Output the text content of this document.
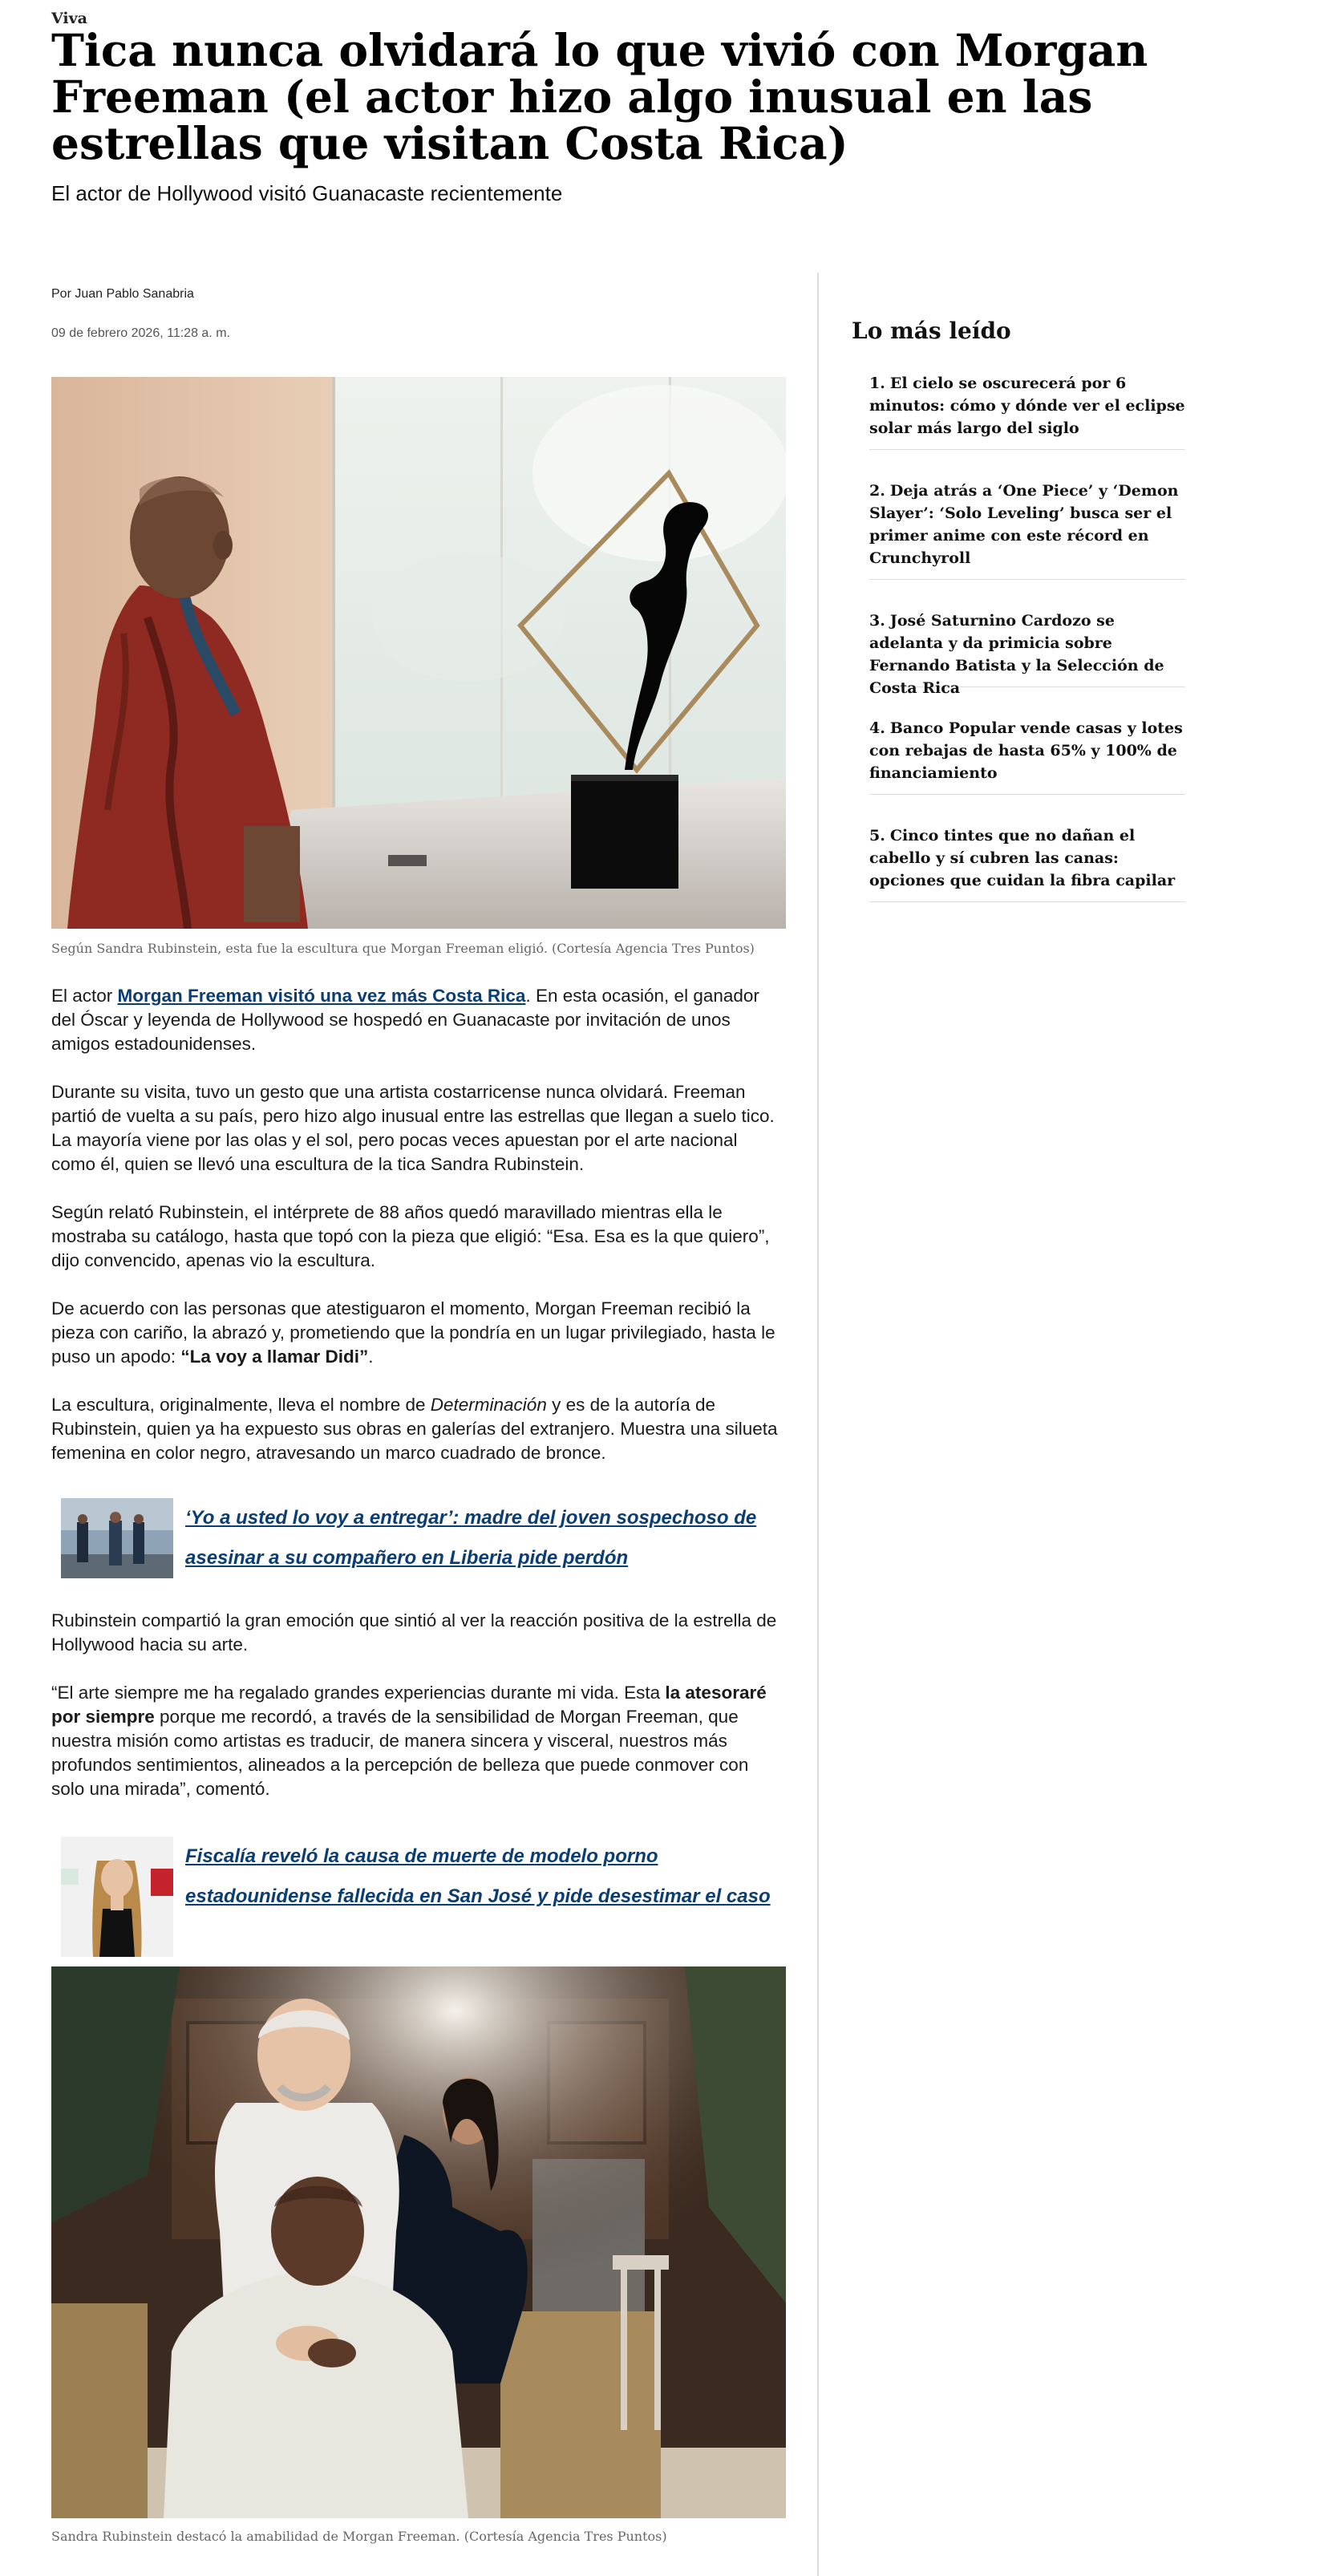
Viva
Tica nunca olvidará lo que vivió con Morgan Freeman (el actor hizo algo inusual en las estrellas que visitan Costa Rica)

El actor de Hollywood visitó Guanacaste recientemente

Por Juan Pablo Sanabria
09 de febrero 2026, 11:28 a. m.
Según Sandra Rubinstein, esta fue la escultura que Morgan Freeman eligió. (Cortesía Agencia Tres Puntos)

El actor Morgan Freeman visitó una vez más Costa Rica. En esta ocasión, el ganador del Óscar y leyenda de Hollywood se hospedó en Guanacaste por invitación de unos amigos estadounidenses.

Durante su visita, tuvo un gesto que una artista costarricense nunca olvidará. Freeman partió de vuelta a su país, pero hizo algo inusual entre las estrellas que llegan a suelo tico. La mayoría viene por las olas y el sol, pero pocas veces apuestan por el arte nacional como él, quien se llevó una escultura de la tica Sandra Rubinstein.

Según relató Rubinstein, el intérprete de 88 años quedó maravillado mientras ella le mostraba su catálogo, hasta que topó con la pieza que eligió: “Esa. Esa es la que quiero”, dijo convencido, apenas vio la escultura.

De acuerdo con las personas que atestiguaron el momento, Morgan Freeman recibió la pieza con cariño, la abrazó y, prometiendo que la pondría en un lugar privilegiado, hasta le puso un apodo: “La voy a llamar Didi”.

La escultura, originalmente, lleva el nombre de Determinación y es de la autoría de Rubinstein, quien ya ha expuesto sus obras en galerías del extranjero. Muestra una silueta femenina en color negro, atravesando un marco cuadrado de bronce.

‘Yo a usted lo voy a entregar’: madre del joven sospechoso de asesinar a su compañero en Liberia pide perdón

Rubinstein compartió la gran emoción que sintió al ver la reacción positiva de la estrella de Hollywood hacia su arte.

“El arte siempre me ha regalado grandes experiencias durante mi vida. Esta la atesoraré por siempre porque me recordó, a través de la sensibilidad de Morgan Freeman, que nuestra misión como artistas es traducir, de manera sincera y visceral, nuestros más profundos sentimientos, alineados a la percepción de belleza que puede conmover con solo una mirada”, comentó.

Fiscalía reveló la causa de muerte de modelo porno estadounidense fallecida en San José y pide desestimar el caso
Sandra Rubinstein destacó la amabilidad de Morgan Freeman. (Cortesía Agencia Tres Puntos)
Lo más leído
1. El cielo se oscurecerá por 6 minutos: cómo y dónde ver el eclipse solar más largo del siglo
2. Deja atrás a ‘One Piece’ y ‘Demon Slayer’: ‘Solo Leveling’ busca ser el primer anime con este récord en Crunchyroll
3. José Saturnino Cardozo se adelanta y da primicia sobre Fernando Batista y la Selección de Costa Rica
4. Banco Popular vende casas y lotes con rebajas de hasta 65% y 100% de financiamiento
5. Cinco tintes que no dañan el cabello y sí cubren las canas: opciones que cuidan la fibra capilar
